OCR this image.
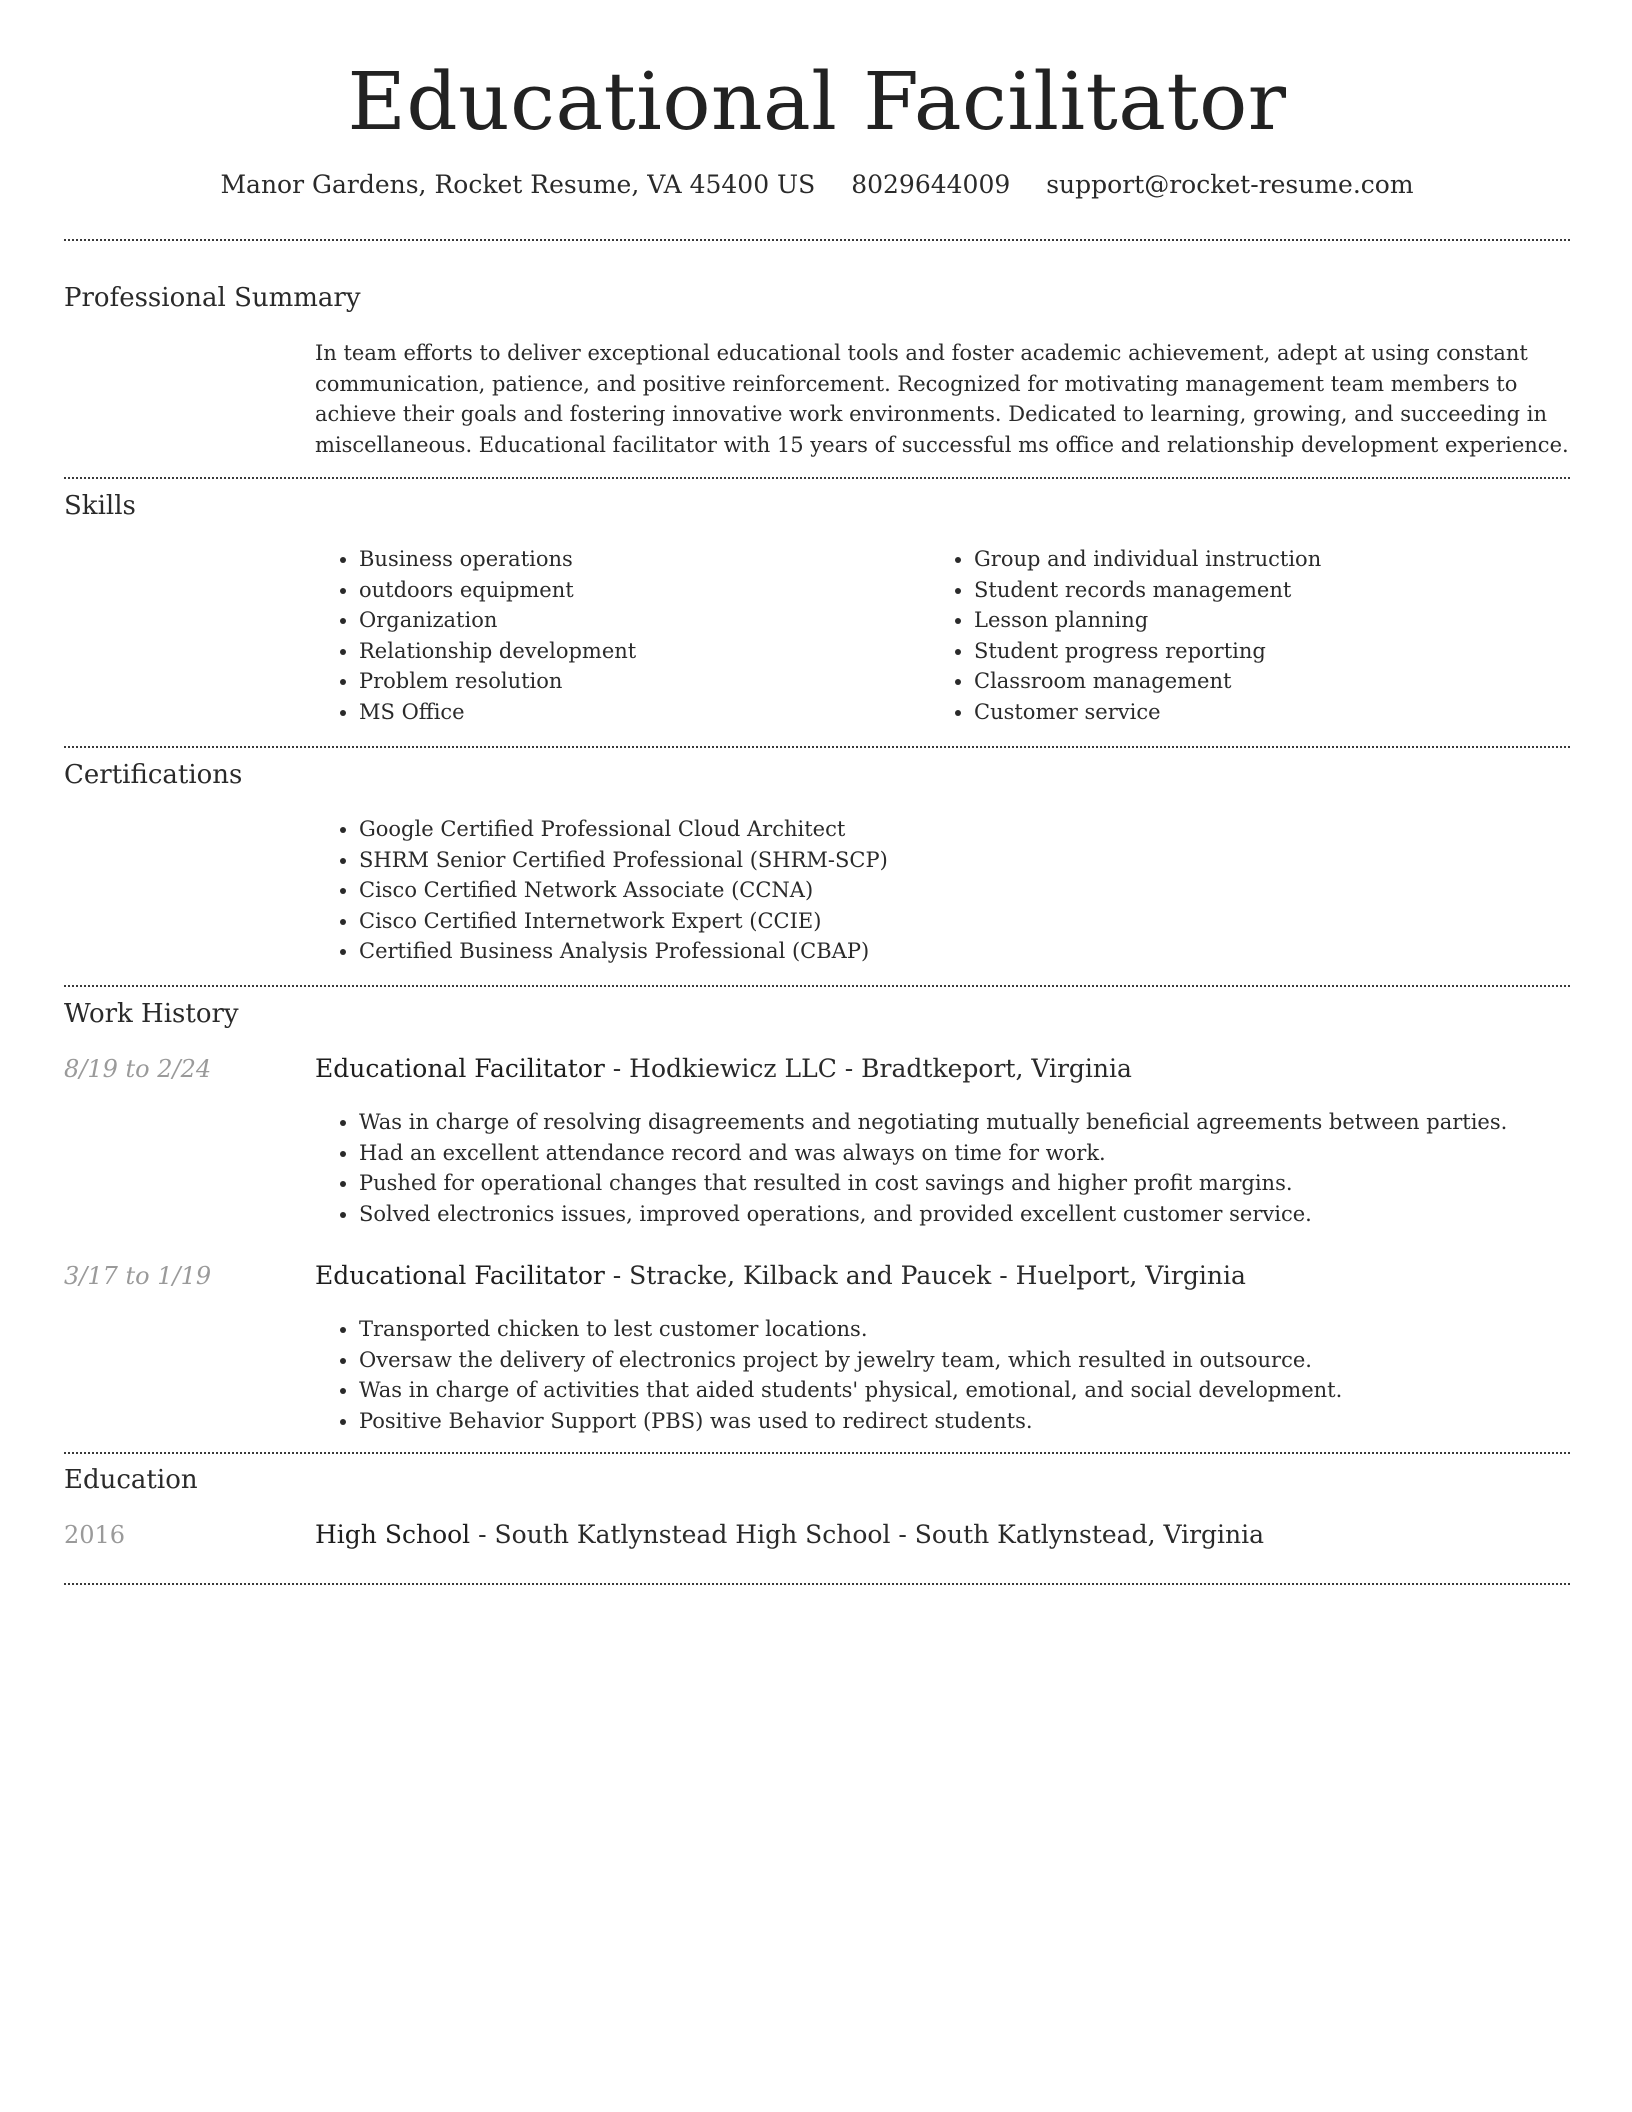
Educational Facilitator
Manor Gardens, Rocket Resume, VA 45400 US 8029644009 support@rocket-resume.com
Professional Summary

In team efforts to deliver exceptional educational tools and foster academic achievement, adept at using constant communication, patience, and positive reinforcement. Recognized for motivating management team members to achieve their goals and fostering innovative work environments. Dedicated to learning, growing, and succeeding in miscellaneous. Educational facilitator with 15 years of successful ms office and relationship development experience.

Skills
• Business operations
• outdoors equipment
• Organization
• Relationship development
• Problem resolution
• MS Office
• Group and individual instruction
• Student records management
• Lesson planning
• Student progress reporting
• Classroom management
• Customer service
Certifications
• Google Certified Professional Cloud Architect
• SHRM Senior Certified Professional (SHRM-SCP)
• Cisco Certified Network Associate (CCNA)
• Cisco Certified Internetwork Expert (CCIE)
• Certified Business Analysis Professional (CBAP)
Work History
8/19 to 2/24	Educational Facilitator - Hodkiewicz LLC - Bradtkeport, Virginia
• Was in charge of resolving disagreements and negotiating mutually beneficial agreements between parties.
• Had an excellent attendance record and was always on time for work.
• Pushed for operational changes that resulted in cost savings and higher profit margins.
• Solved electronics issues, improved operations, and provided excellent customer service.
3/17 to 1/19	Educational Facilitator - Stracke, Kilback and Paucek - Huelport, Virginia
• Transported chicken to lest customer locations.
• Oversaw the delivery of electronics project by jewelry team, which resulted in outsource.
• Was in charge of activities that aided students' physical, emotional, and social development.
• Positive Behavior Support (PBS) was used to redirect students.
Education
2016	High School - South Katlynstead High School - South Katlynstead, Virginia
